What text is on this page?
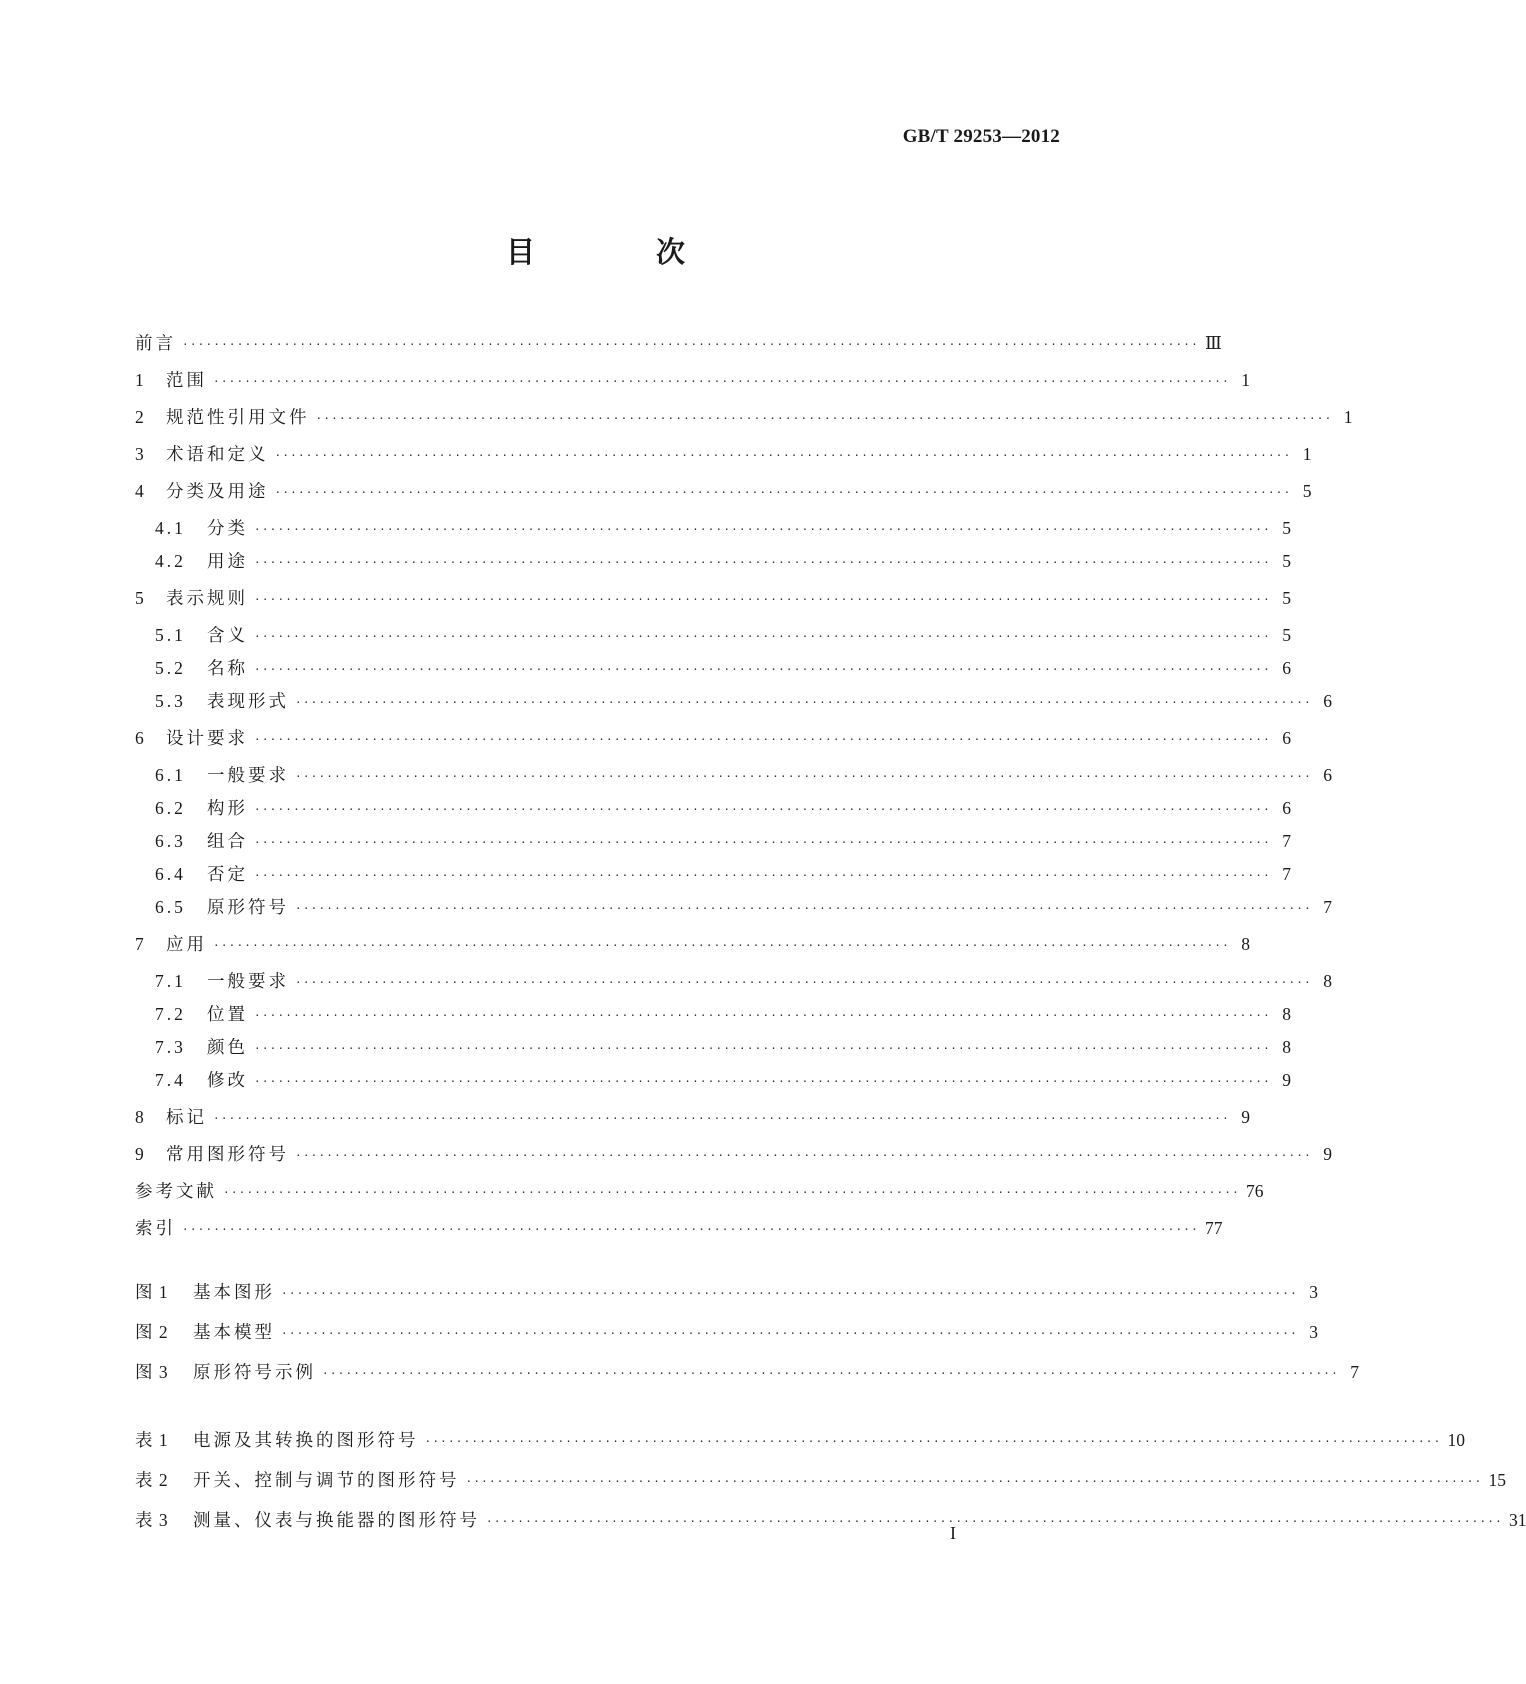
GB/T 29253—2012
目　次
前言 ·································································································································· Ⅲ
1	范围 ·································································································································· 1
2	规范性引用文件 ·································································································································· 1
3	术语和定义 ·································································································································· 1
4	分类及用途 ·································································································································· 5
4.1	分类 ·································································································································· 5
4.2	用途 ·································································································································· 5
5	表示规则 ·································································································································· 5
5.1	含义 ·································································································································· 5
5.2	名称 ·································································································································· 6
5.3	表现形式 ·································································································································· 6
6	设计要求 ·································································································································· 6
6.1	一般要求 ·································································································································· 6
6.2	构形 ·································································································································· 6
6.3	组合 ·································································································································· 7
6.4	否定 ·································································································································· 7
6.5	原形符号 ·································································································································· 7
7	应用 ·································································································································· 8
7.1	一般要求 ·································································································································· 8
7.2	位置 ·································································································································· 8
7.3	颜色 ·································································································································· 8
7.4	修改 ·································································································································· 9
8	标记 ·································································································································· 9
9	常用图形符号 ·································································································································· 9
参考文献 ·································································································································· 76
索引 ·································································································································· 77
图 1	基本图形 ·································································································································· 3
图 2	基本模型 ·································································································································· 3
图 3	原形符号示例 ·································································································································· 7
表 1	电源及其转换的图形符号 ·································································································································· 10
表 2	开关、控制与调节的图形符号 ·································································································································· 15
表 3	测量、仪表与换能器的图形符号 ·································································································································· 31
I
